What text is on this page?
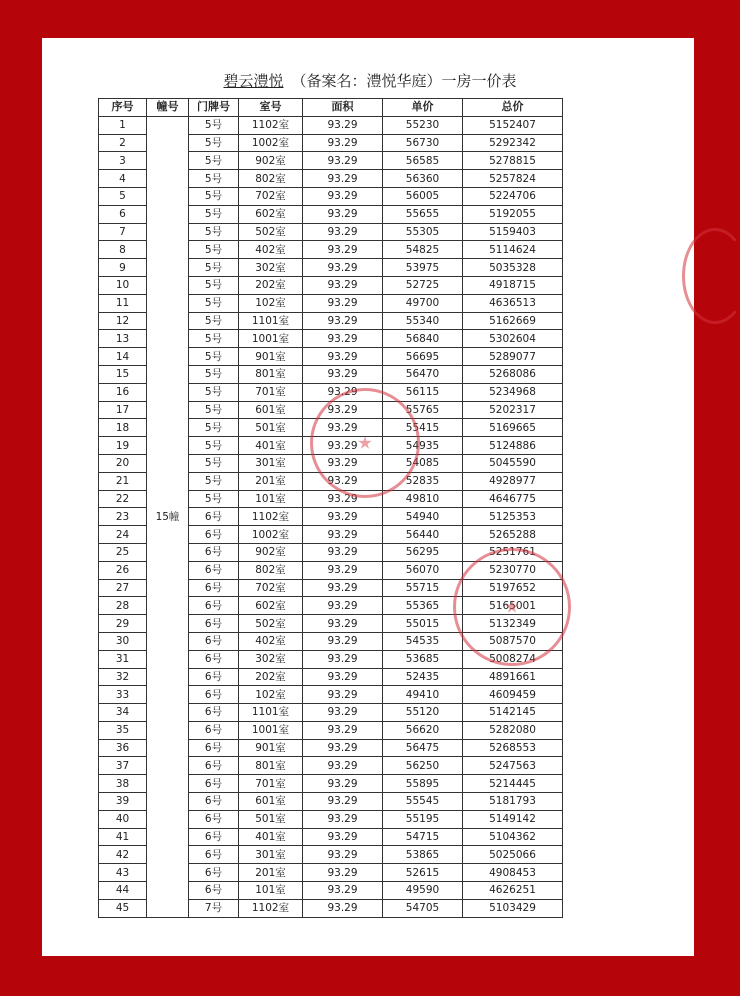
碧云澧悦 （备案名：澧悦华庭）一房一价表
序号	幢号	门牌号	室号	面积	单价	总价
1	15幢	5号	1102室	93.29	55230	5152407
2		5号	1002室	93.29	56730	5292342
3		5号	902室	93.29	56585	5278815
4		5号	802室	93.29	56360	5257824
5		5号	702室	93.29	56005	5224706
6		5号	602室	93.29	55655	5192055
7		5号	502室	93.29	55305	5159403
8		5号	402室	93.29	54825	5114624
9		5号	302室	93.29	53975	5035328
10		5号	202室	93.29	52725	4918715
11		5号	102室	93.29	49700	4636513
12		5号	1101室	93.29	55340	5162669
13		5号	1001室	93.29	56840	5302604
14		5号	901室	93.29	56695	5289077
15		5号	801室	93.29	56470	5268086
16		5号	701室	93.29	56115	5234968
17		5号	601室	93.29	55765	5202317
18		5号	501室	93.29	55415	5169665
19		5号	401室	93.29	54935	5124886
20		5号	301室	93.29	54085	5045590
21		5号	201室	93.29	52835	4928977
22		5号	101室	93.29	49810	4646775
23		6号	1102室	93.29	54940	5125353
24		6号	1002室	93.29	56440	5265288
25		6号	902室	93.29	56295	5251761
26		6号	802室	93.29	56070	5230770
27		6号	702室	93.29	55715	5197652
28		6号	602室	93.29	55365	5165001
29		6号	502室	93.29	55015	5132349
30		6号	402室	93.29	54535	5087570
31		6号	302室	93.29	53685	5008274
32		6号	202室	93.29	52435	4891661
33		6号	102室	93.29	49410	4609459
34		6号	1101室	93.29	55120	5142145
35		6号	1001室	93.29	56620	5282080
36		6号	901室	93.29	56475	5268553
37		6号	801室	93.29	56250	5247563
38		6号	701室	93.29	55895	5214445
39		6号	601室	93.29	55545	5181793
40		6号	501室	93.29	55195	5149142
41		6号	401室	93.29	54715	5104362
42		6号	301室	93.29	53865	5025066
43		6号	201室	93.29	52615	4908453
44		6号	101室	93.29	49590	4626251
45		7号	1102室	93.29	54705	5103429
